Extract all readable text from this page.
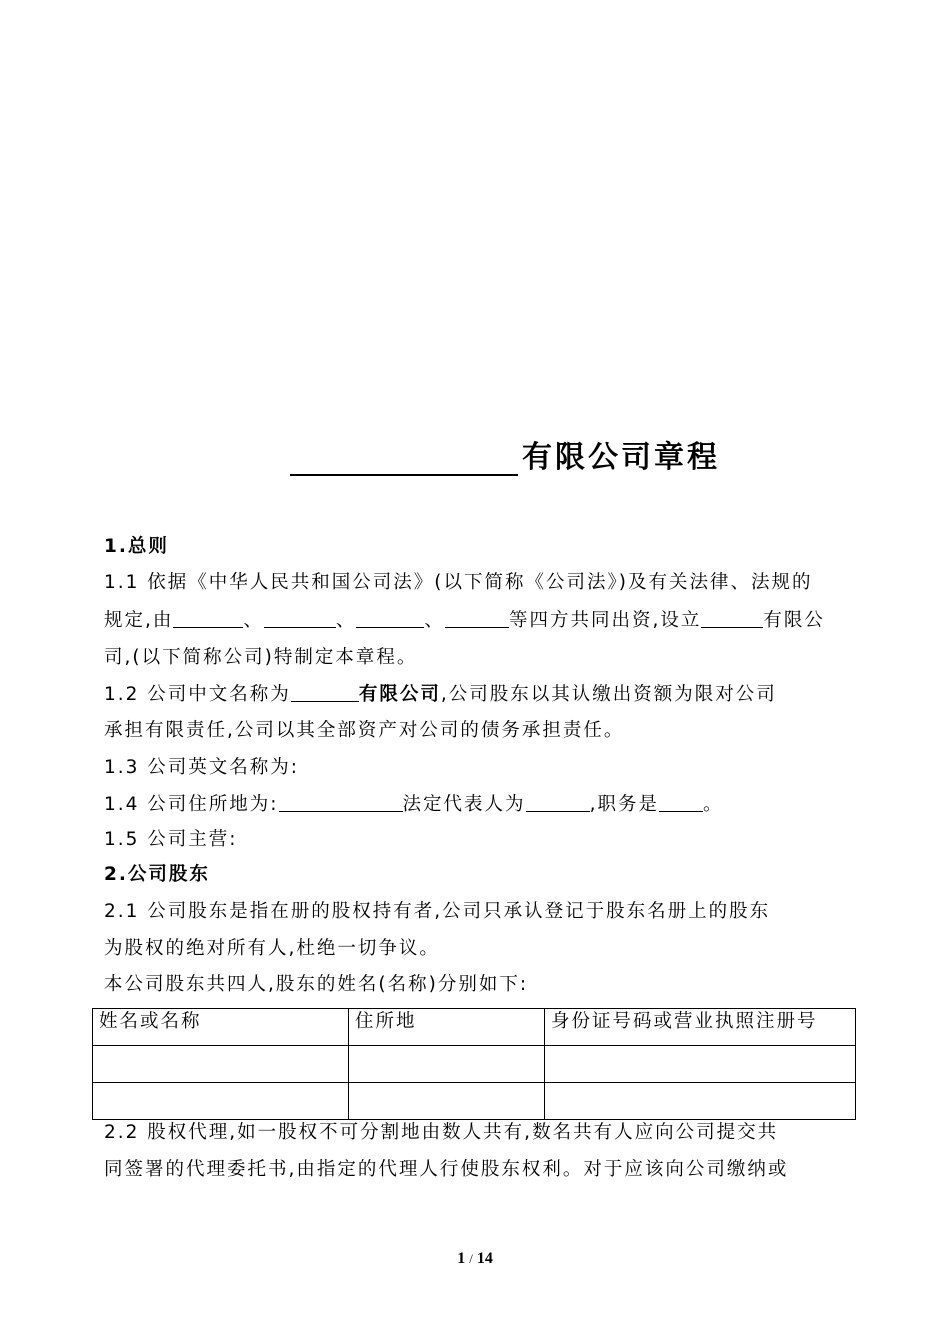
有限公司章程
1.总则
1.1 依据《中华人民共和国公司法》(以下简称《公司法》)及有关法律、法规的
规定,由	、	、	、	等四方共同出资,设立	有限公
司,(以下简称公司)特制定本章程。
1.2 公司中文名称为	有限公司,公司股东以其认缴出资额为限对公司
承担有限责任,公司以其全部资产对公司的债务承担责任。
1.3 公司英文名称为:
1.4 公司住所地为:	法定代表人为	,职务是 。
1.5 公司主营:
2.公司股东
2.1 公司股东是指在册的股权持有者,公司只承认登记于股东名册上的股东
为股权的绝对所有人,杜绝一切争议。
本公司股东共四人,股东的姓名(名称)分别如下:
姓名或名称	住所地	身份证号码或营业执照注册号

2.2 股权代理,如一股权不可分割地由数人共有,数名共有人应向公司提交共
同签署的代理委托书,由指定的代理人行使股东权利。对于应该向公司缴纳或
1 / 14
